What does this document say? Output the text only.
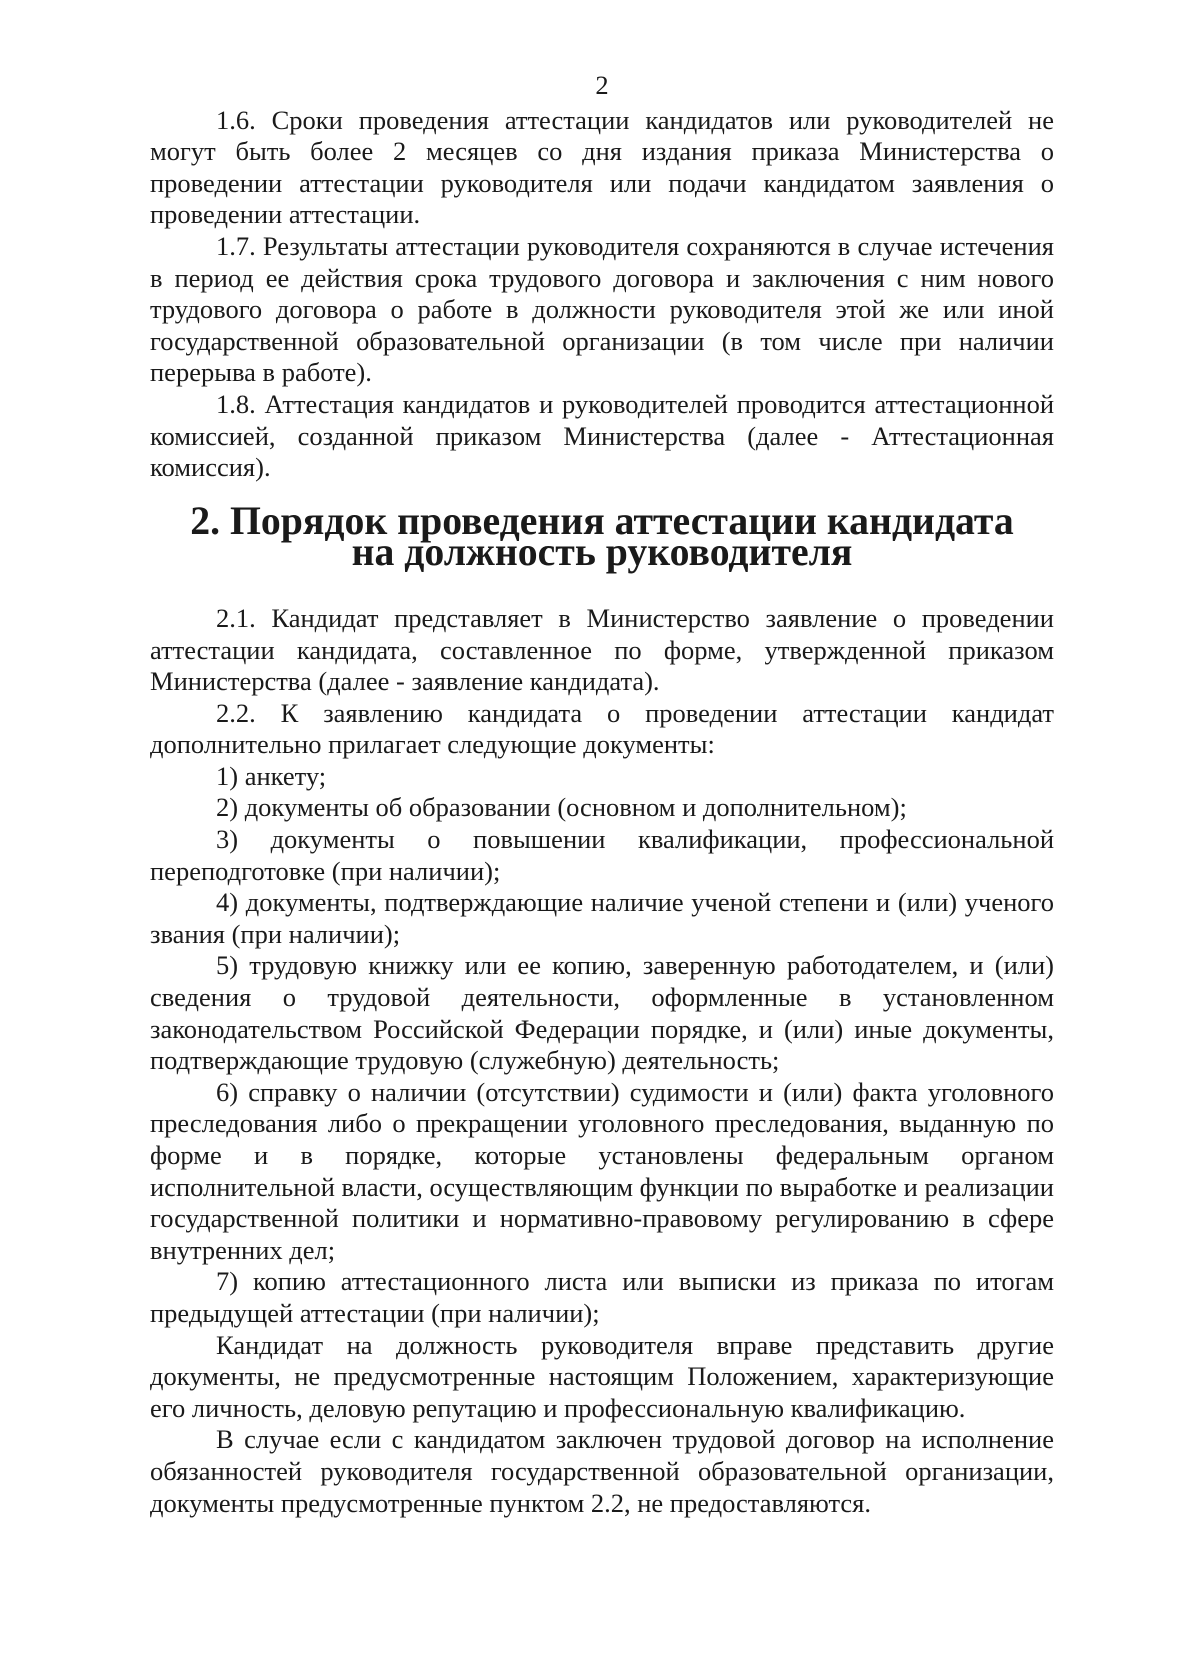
2

1.6. Сроки проведения аттестации кандидатов или руководителей не могут быть более 2 месяцев со дня издания приказа Министерства о проведении аттестации руководителя или подачи кандидатом заявления о проведении аттестации.

1.7. Результаты аттестации руководителя сохраняются в случае истечения в период ее действия срока трудового договора и заключения с ним нового трудового договора о работе в должности руководителя этой же или иной государственной образовательной организации (в том числе при наличии перерыва в работе).

1.8. Аттестация кандидатов и руководителей проводится аттестационной комиссией, созданной приказом Министерства (далее - Аттестационная комиссия).

2. Порядок проведения аттестации кандидата на должность руководителя

2.1. Кандидат представляет в Министерство заявление о проведении аттестации кандидата, составленное по форме, утвержденной приказом Министерства (далее - заявление кандидата).

2.2. К заявлению кандидата о проведении аттестации кандидат дополнительно прилагает следующие документы:

1) анкету;

2) документы об образовании (основном и дополнительном);

3) документы о повышении квалификации, профессиональной переподготовке (при наличии);

4) документы, подтверждающие наличие ученой степени и (или) ученого звания (при наличии);

5) трудовую книжку или ее копию, заверенную работодателем, и (или) сведения о трудовой деятельности, оформленные в установленном законодательством Российской Федерации порядке, и (или) иные документы, подтверждающие трудовую (служебную) деятельность;

6) справку о наличии (отсутствии) судимости и (или) факта уголовного преследования либо о прекращении уголовного преследования, выданную по форме и в порядке, которые установлены федеральным органом исполнительной власти, осуществляющим функции по выработке и реализации государственной политики и нормативно-правовому регулированию в сфере внутренних дел;

7) копию аттестационного листа или выписки из приказа по итогам предыдущей аттестации (при наличии);

Кандидат на должность руководителя вправе представить другие документы, не предусмотренные настоящим Положением, характеризующие его личность, деловую репутацию и профессиональную квалификацию.

В случае если с кандидатом заключен трудовой договор на исполнение обязанностей руководителя государственной образовательной организации, документы предусмотренные пунктом 2.2, не предоставляются.
